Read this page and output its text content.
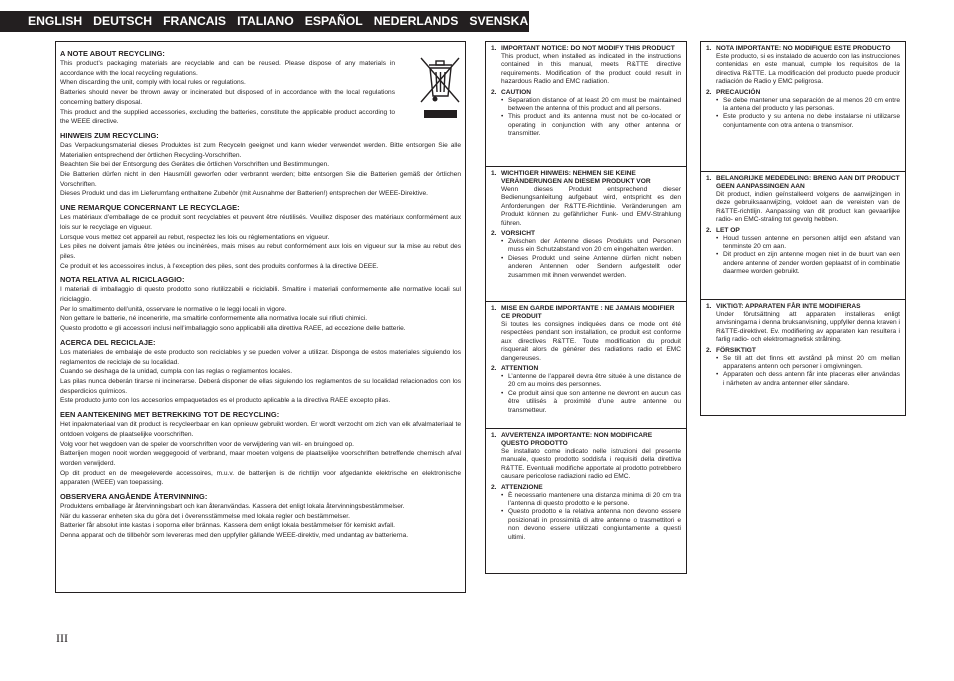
ENGLISH DEUTSCH FRANCAIS ITALIANO ESPAÑOL NEDERLANDS SVENSKA
A NOTE ABOUT RECYCLING:

This product’s packaging materials are recyclable and can be reused. Please dispose of any materials in accordance with the local recycling regulations.

When discarding the unit, comply with local rules or regulations.

Batteries should never be thrown away or incinerated but disposed of in accordance with the local regulations concerning battery disposal.

This product and the supplied accessories, excluding the batteries, constitute the applicable product according to the WEEE directive.

HINWEIS ZUM RECYCLING:

Das Verpackungsmaterial dieses Produktes ist zum Recyceln geeignet und kann wieder verwendet werden. Bitte entsorgen Sie alle Materialien entsprechend der örtlichen Recycling-Vorschriften.

Beachten Sie bei der Entsorgung des Gerätes die örtlichen Vorschriften und Bestimmungen.

Die Batterien dürfen nicht in den Hausmüll geworfen oder verbrannt werden; bitte entsorgen Sie die Batterien gemäß der örtlichen Vorschriften.

Dieses Produkt und das im Lieferumfang enthaltene Zubehör (mit Ausnahme der Batterien!) entsprechen der WEEE-Direktive.

UNE REMARQUE CONCERNANT LE RECYCLAGE:

Les matériaux d’emballage de ce produit sont recyclables et peuvent être réutilisés. Veuillez disposer des matériaux conformément aux lois sur le recyclage en vigueur.

Lorsque vous mettez cet appareil au rebut, respectez les lois ou réglementations en vigueur.

Les piles ne doivent jamais être jetées ou incinérées, mais mises au rebut conformément aux lois en vigueur sur la mise au rebut des piles.

Ce produit et les accessoires inclus, à l’exception des piles, sont des produits conformes à la directive DEEE.

NOTA RELATIVA AL RICICLAGGIO:

I materiali di imballaggio di questo prodotto sono riutilizzabili e riciclabili. Smaltire i materiali conformemente alle normative locali sul riciclaggio.

Per lo smaltimento dell’unità, osservare le normative o le leggi locali in vigore.

Non gettare le batterie, né incenerirle, ma smaltirle conformemente alla normativa locale sui rifiuti chimici.

Questo prodotto e gli accessori inclusi nell’imballaggio sono applicabili alla direttiva RAEE, ad eccezione delle batterie.

ACERCA DEL RECICLAJE:

Los materiales de embalaje de este producto son reciclables y se pueden volver a utilizar. Disponga de estos materiales siguiendo los reglamentos de reciclaje de su localidad.

Cuando se deshaga de la unidad, cumpla con las reglas o reglamentos locales.

Las pilas nunca deberán tirarse ni incinerarse. Deberá disponer de ellas siguiendo los reglamentos de su localidad relacionados con los desperdicios químicos.

Este producto junto con los accesorios empaquetados es el producto aplicable a la directiva RAEE excepto pilas.

EEN AANTEKENING MET BETREKKING TOT DE RECYCLING:

Het inpakmateriaal van dit product is recycleerbaar en kan opnieuw gebruikt worden. Er wordt verzocht om zich van elk afvalmateriaal te ontdoen volgens de plaatselijke voorschriften.

Volg voor het wegdoen van de speler de voorschriften voor de verwijdering van wit- en bruingoed op.

Batterijen mogen nooit worden weggegooid of verbrand, maar moeten volgens de plaatselijke voorschriften betreffende chemisch afval worden verwijderd.

Op dit product en de meegeleverde accessoires, m.u.v. de batterijen is de richtlijn voor afgedankte elektrische en elektronische apparaten (WEEE) van toepassing.

OBSERVERA ANGÅENDE ÅTERVINNING:

Produktens emballage är återvinningsbart och kan återanvändas. Kassera det enligt lokala återvinningsbestämmelser.

När du kasserar enheten ska du göra det i överensstämmelse med lokala regler och bestämmelser.

Batterier får absolut inte kastas i soporna eller brännas. Kassera dem enligt lokala bestämmelser för kemiskt avfall.

Denna apparat och de tillbehör som levereras med den uppfyller gällande WEEE-direktiv, med undantag av batterierna.

1. IMPORTANT NOTICE: DO NOT MODIFY THIS PRODUCT
This product, when installed as indicated in the instructions contained in this manual, meets R&TTE directive requirements. Modification of the product could result in hazardous Radio and EMC radiation.
2. CAUTION
• Separation distance of at least 20 cm must be maintained between the antenna of this product and all persons.
• This product and its antenna must not be co-located or operating in conjunction with any other antenna or transmitter.
1. WICHTIGER HINWEIS: NEHMEN SIE KEINE VERÄNDERUNGEN AN DIESEM PRODUKT VOR
Wenn dieses Produkt entsprechend dieser Bedienungsanleitung aufgebaut wird, entspricht es den Anforderungen der R&TTE-Richtlinie. Veränderungen am Produkt können zu gefährlicher Funk- und EMV-Strahlung führen.
2. VORSICHT
• Zwischen der Antenne dieses Produkts und Personen muss ein Schutzabstand von 20 cm eingehalten werden.
• Dieses Produkt und seine Antenne dürfen nicht neben anderen Antennen oder Sendern aufgestellt oder zusammen mit ihnen verwendet werden.
1. MISE EN GARDE IMPORTANTE : NE JAMAIS MODIFIER CE PRODUIT
Si toutes les consignes indiquées dans ce mode ont été respectées pendant son installation, ce produit est conforme aux directives R&TTE. Toute modification du produit risquerait alors de générer des radiations radio et EMC dangereuses.
2. ATTENTION
• L’antenne de l’appareil devra être située à une distance de 20 cm au moins des personnes.
• Ce produit ainsi que son antenne ne devront en aucun cas être utilisés à proximité d’une autre antenne ou transmetteur.
1. AVVERTENZA IMPORTANTE: NON MODIFICARE QUESTO PRODOTTO
Se installato come indicato nelle istruzioni del presente manuale, questo prodotto soddisfa i requisiti della direttiva R&TTE. Eventuali modifiche apportate al prodotto potrebbero causare pericolose radiazioni radio ed EMC.
2. ATTENZIONE
• È necessario mantenere una distanza minima di 20 cm tra l’antenna di questo prodotto e le persone.
• Questo prodotto e la relativa antenna non devono essere posizionati in prossimità di altre antenne o trasmettitori e non devono essere utilizzati congiuntamente a questi ultimi.
1. NOTA IMPORTANTE: NO MODIFIQUE ESTE PRODUCTO
Este producto, si es instalado de acuerdo con las instrucciones contenidas en este manual, cumple los requisitos de la directiva R&TTE. La modificación del producto puede producir radiación de Radio y EMC peligrosa.
2. PRECAUCIÓN
• Se debe mantener una separación de al menos 20 cm entre la antena del producto y las personas.
• Este producto y su antena no debe instalarse ni utilizarse conjuntamente con otra antena o transmisor.
1. BELANGRIJKE MEDEDELING: BRENG AAN DIT PRODUCT GEEN AANPASSINGEN AAN
Dit product, indien geïnstalleerd volgens de aanwijzingen in deze gebruiksaanwijzing, voldoet aan de vereisten van de R&TTE-richtlijn. Aanpassing van dit product kan gevaarlijke radio- en EMC-straling tot gevolg hebben.
2. LET OP
• Houd tussen antenne en personen altijd een afstand van tenminste 20 cm aan.
• Dit product en zijn antenne mogen niet in de buurt van een andere antenne of zender worden geplaatst of in combinatie daarmee worden gebruikt.
1. VIKTIGT: APPARATEN FÅR INTE MODIFIERAS
Under förutsättning att apparaten installeras enligt anvisningarna i denna bruksanvisning, uppfyller denna kraven i R&TTE-direktivet. Ev. modifiering av apparaten kan resultera i farlig radio- och elektromagnetisk strålning.
2. FÖRSIKTIGT
• Se till att det finns ett avstånd på minst 20 cm mellan apparatens antenn och personer i omgivningen.
• Apparaten och dess antenn får inte placeras eller användas i närheten av andra antenner eller sändare.
III
